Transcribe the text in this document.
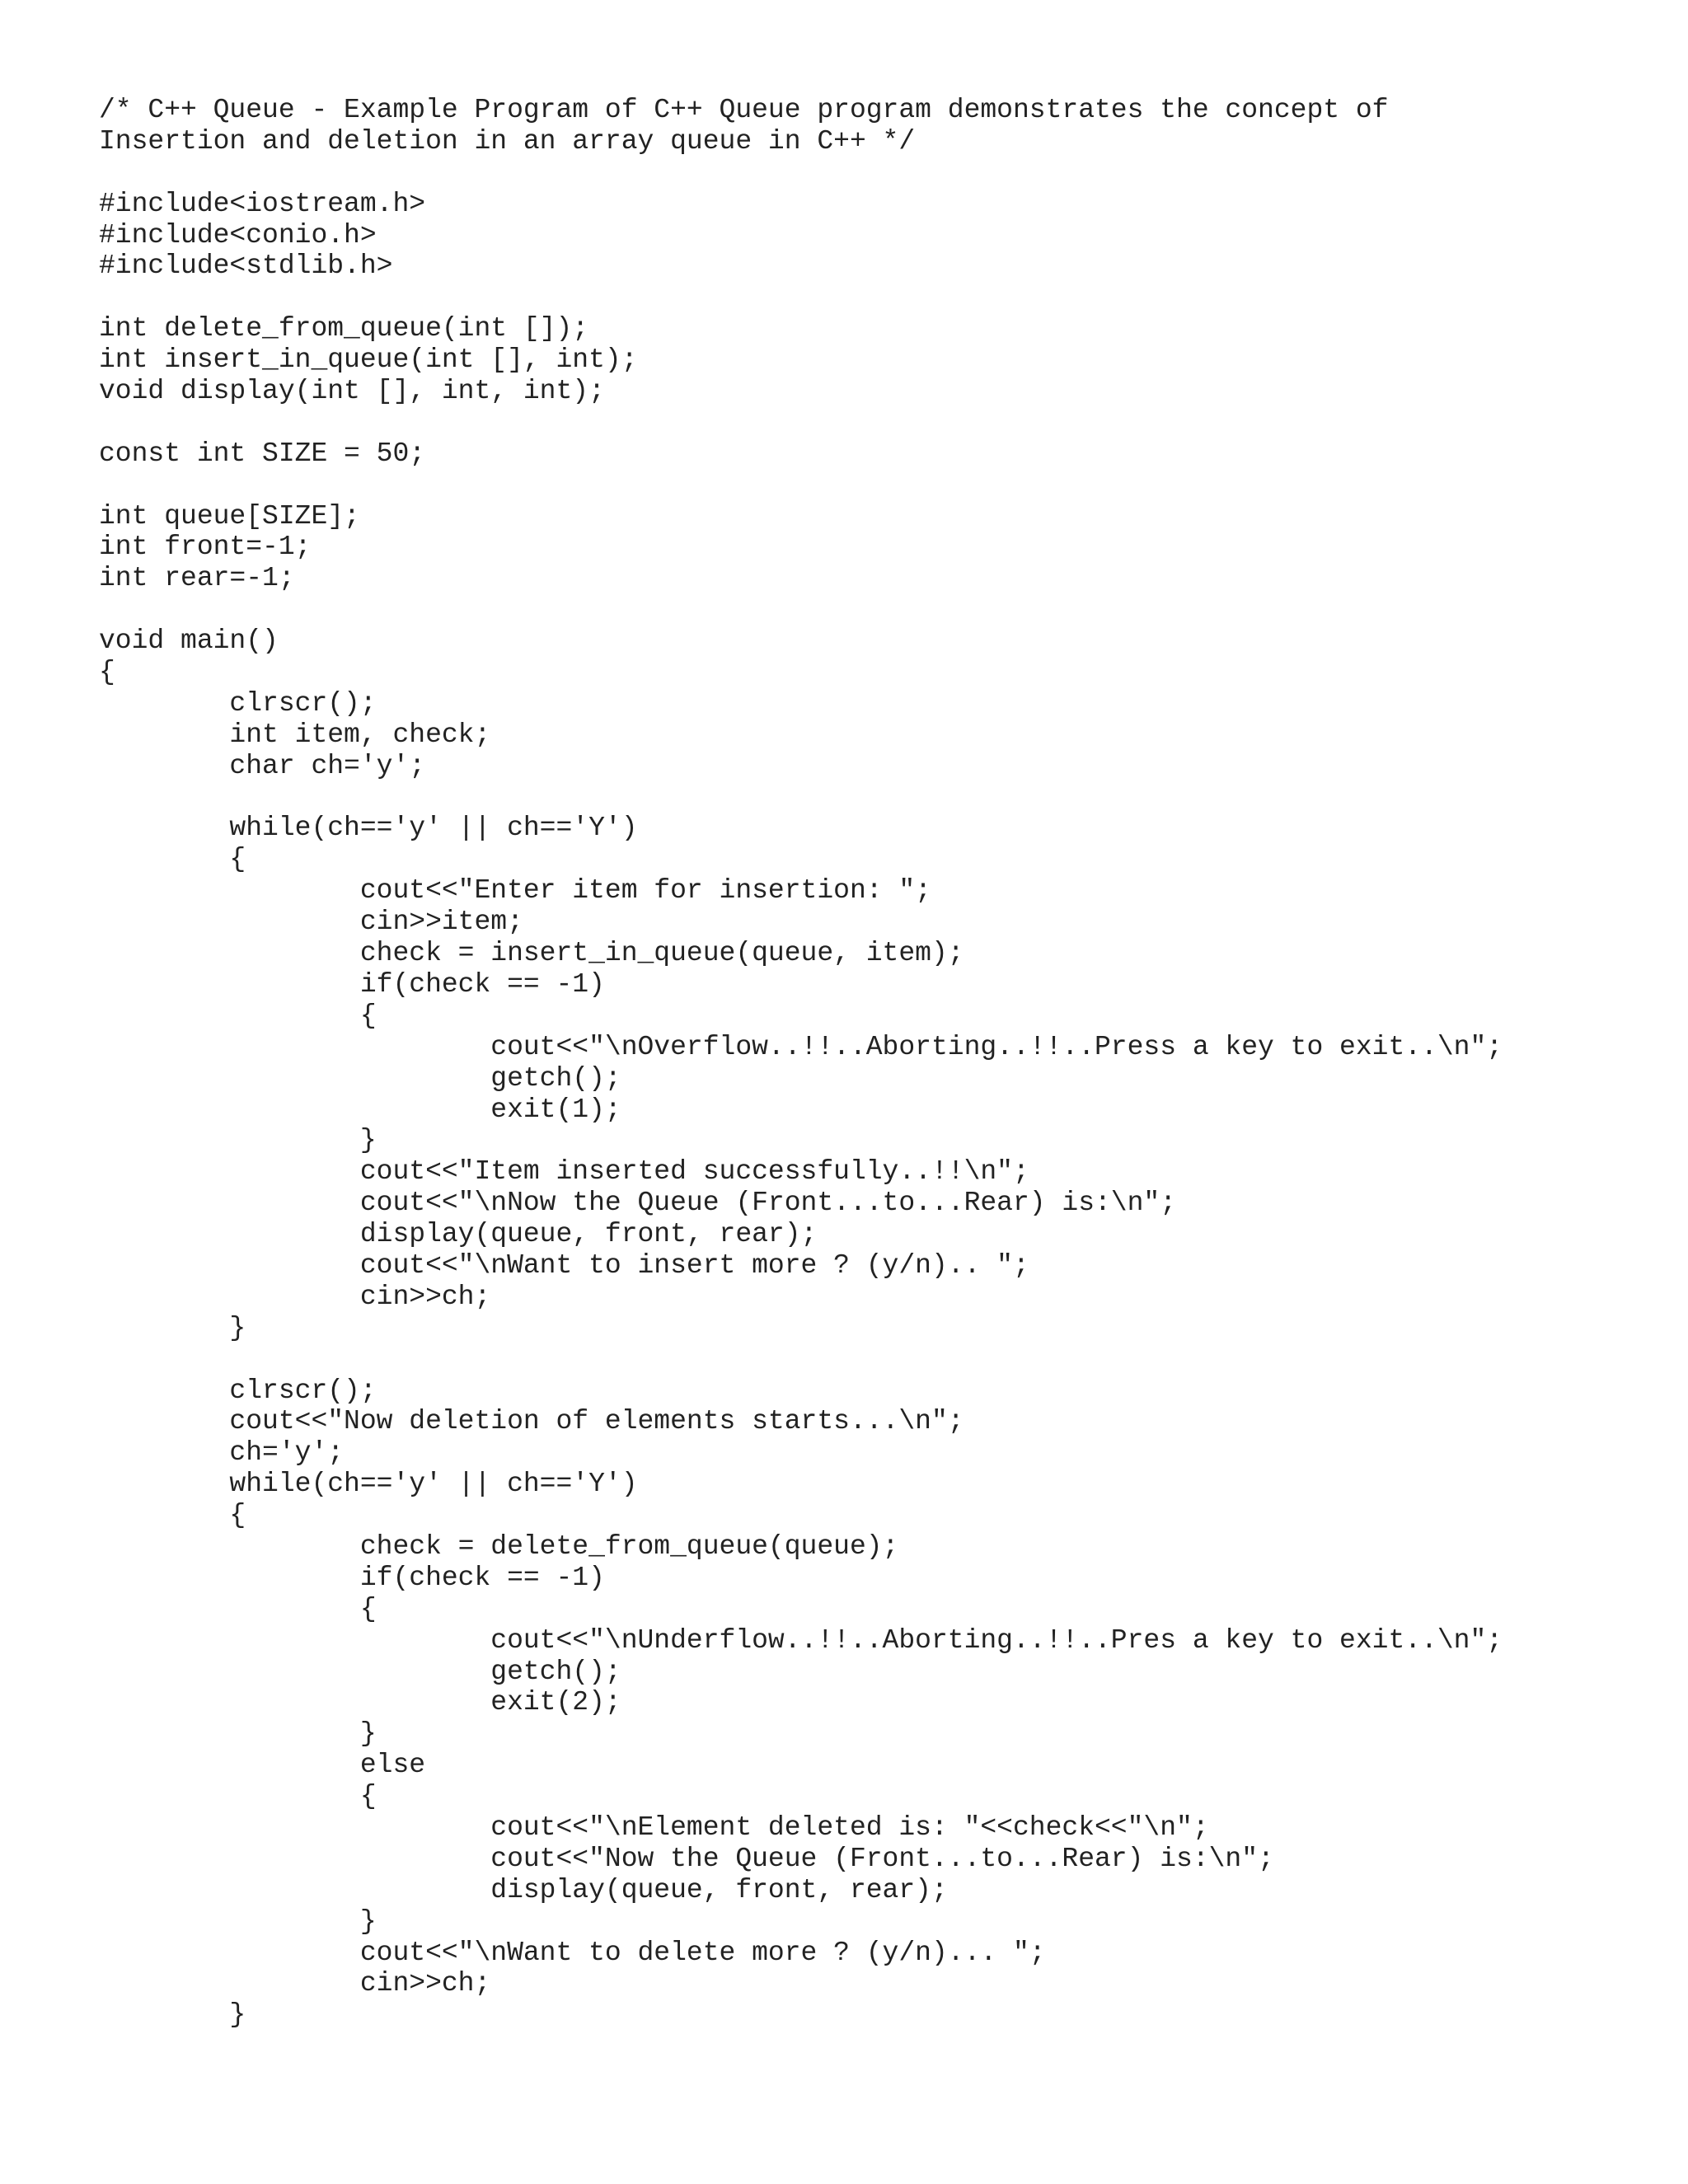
/* C++ Queue - Example Program of C++ Queue program demonstrates the concept of
Insertion and deletion in an array queue in C++ */
#include<iostream.h>
#include<conio.h>
#include<stdlib.h>
int delete_from_queue(int []);
int insert_in_queue(int [], int);
void display(int [], int, int);
const int SIZE = 50;
int queue[SIZE];
int front=-1;
int rear=-1;
void main()
{
clrscr();
int item, check;
char ch='y';
while(ch=='y' || ch=='Y')
{
cout<<"Enter item for insertion: ";
cin>>item;
check = insert_in_queue(queue, item);
if(check == -1)
{
cout<<"\nOverflow..!!..Aborting..!!..Press a key to exit..\n";
getch();
exit(1);
}
cout<<"Item inserted successfully..!!\n";
cout<<"\nNow the Queue (Front...to...Rear) is:\n";
display(queue, front, rear);
cout<<"\nWant to insert more ? (y/n).. ";
cin>>ch;
}
clrscr();
cout<<"Now deletion of elements starts...\n";
ch='y';
while(ch=='y' || ch=='Y')
{
check = delete_from_queue(queue);
if(check == -1)
{
cout<<"\nUnderflow..!!..Aborting..!!..Pres a key to exit..\n";
getch();
exit(2);
}
else
{
cout<<"\nElement deleted is: "<<check<<"\n";
cout<<"Now the Queue (Front...to...Rear) is:\n";
display(queue, front, rear);
}
cout<<"\nWant to delete more ? (y/n)... ";
cin>>ch;
}
